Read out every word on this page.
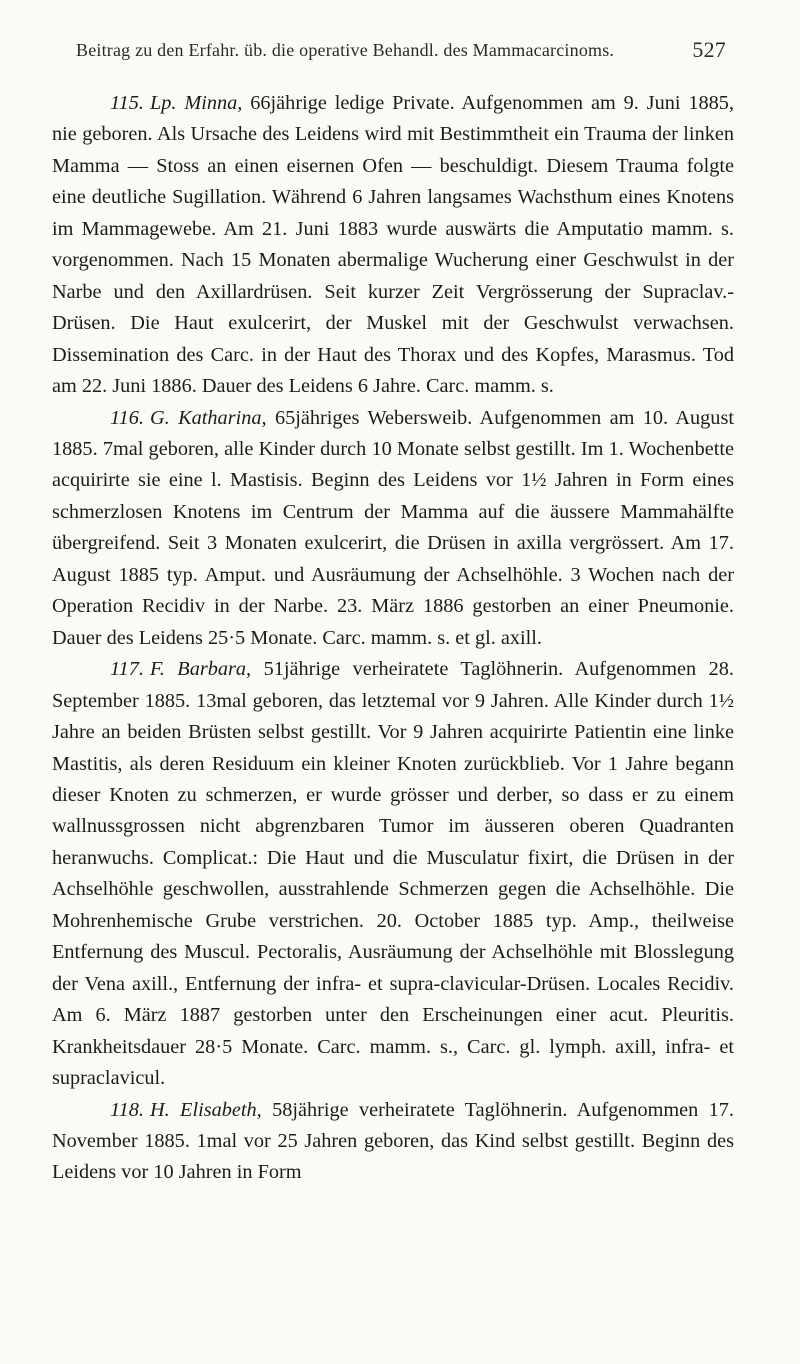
Beitrag zu den Erfahr. üb. die operative Behandl. des Mammacarcinoms.	527

115. Lp. Minna, 66jährige ledige Private. Aufgenommen am 9. Juni 1885, nie geboren. Als Ursache des Leidens wird mit Bestimmtheit ein Trauma der linken Mamma — Stoss an einen eisernen Ofen — beschuldigt. Diesem Trauma folgte eine deutliche Sugillation. Während 6 Jahren langsames Wachsthum eines Knotens im Mammagewebe. Am 21. Juni 1883 wurde auswärts die Amputatio mamm. s. vorgenommen. Nach 15 Monaten abermalige Wucherung einer Geschwulst in der Narbe und den Axillardrüsen. Seit kurzer Zeit Vergrösserung der Supraclav.-Drüsen. Die Haut exulcerirt, der Muskel mit der Geschwulst verwachsen. Dissemination des Carc. in der Haut des Thorax und des Kopfes, Marasmus. Tod am 22. Juni 1886. Dauer des Leidens 6 Jahre. Carc. mamm. s.

116. G. Katharina, 65jähriges Webersweib. Aufgenommen am 10. August 1885. 7mal geboren, alle Kinder durch 10 Monate selbst gestillt. Im 1. Wochenbette acquirirte sie eine l. Mastisis. Beginn des Leidens vor 1½ Jahren in Form eines schmerzlosen Knotens im Centrum der Mamma auf die äussere Mammahälfte übergreifend. Seit 3 Monaten exulcerirt, die Drüsen in axilla vergrössert. Am 17. August 1885 typ. Amput. und Ausräumung der Achselhöhle. 3 Wochen nach der Operation Recidiv in der Narbe. 23. März 1886 gestorben an einer Pneumonie. Dauer des Leidens 25·5 Monate. Carc. mamm. s. et gl. axill.

117. F. Barbara, 51jährige verheiratete Taglöhnerin. Aufgenommen 28. September 1885. 13mal geboren, das letztemal vor 9 Jahren. Alle Kinder durch 1½ Jahre an beiden Brüsten selbst gestillt. Vor 9 Jahren acquirirte Patientin eine linke Mastitis, als deren Residuum ein kleiner Knoten zurückblieb. Vor 1 Jahre begann dieser Knoten zu schmerzen, er wurde grösser und derber, so dass er zu einem wallnussgrossen nicht abgrenzbaren Tumor im äusseren oberen Quadranten heranwuchs. Complicat.: Die Haut und die Musculatur fixirt, die Drüsen in der Achselhöhle geschwollen, ausstrahlende Schmerzen gegen die Achselhöhle. Die Mohrenhemische Grube verstrichen. 20. October 1885 typ. Amp., theilweise Entfernung des Muscul. Pectoralis, Ausräumung der Achselhöhle mit Blosslegung der Vena axill., Entfernung der infra- et supra-clavicular-Drüsen. Locales Recidiv. Am 6. März 1887 gestorben unter den Erscheinungen einer acut. Pleuritis. Krankheitsdauer 28·5 Monate. Carc. mamm. s., Carc. gl. lymph. axill, infra- et supraclavicul.

118. H. Elisabeth, 58jährige verheiratete Taglöhnerin. Aufgenommen 17. November 1885. 1mal vor 25 Jahren geboren, das Kind selbst gestillt. Beginn des Leidens vor 10 Jahren in Form
